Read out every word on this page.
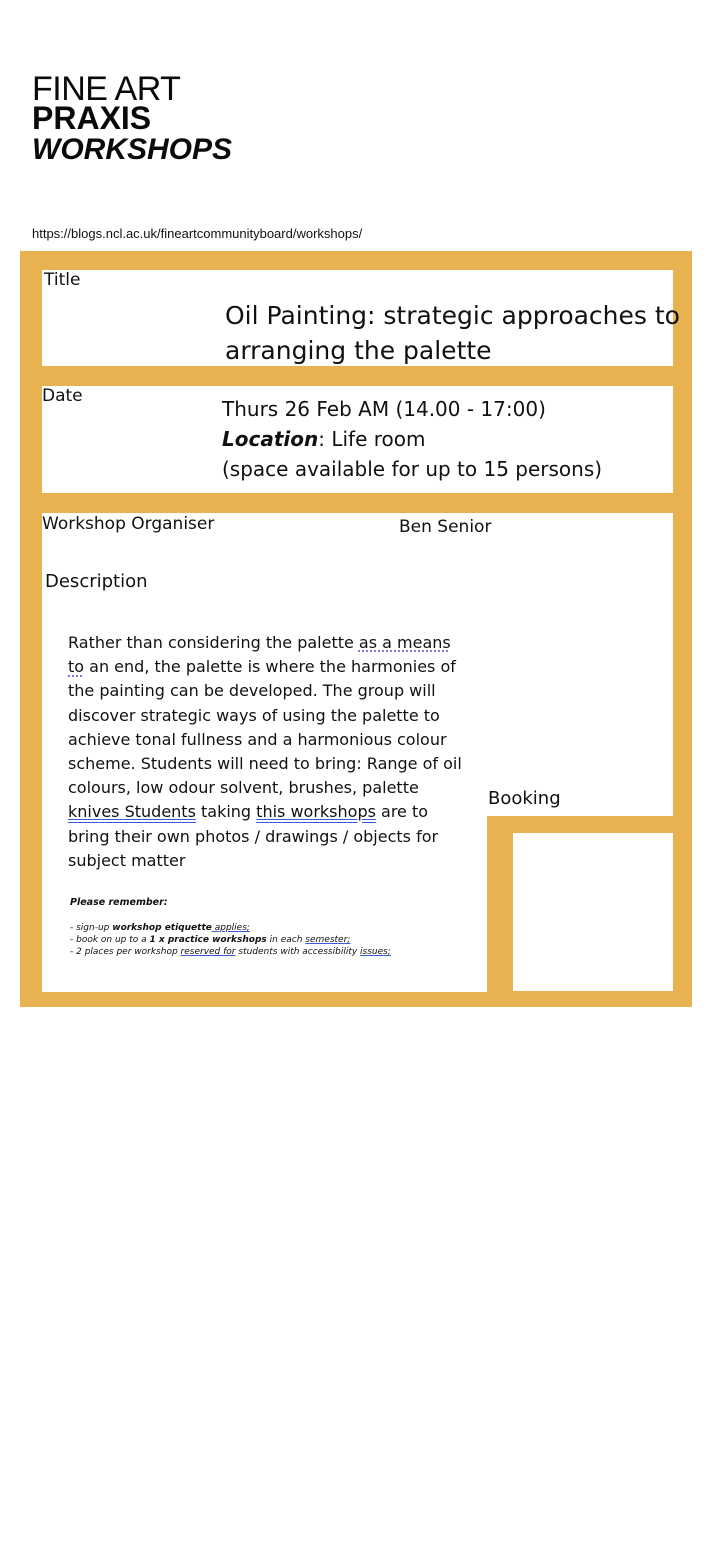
FINE ART
PRAXIS
WORKSHOPS
https://blogs.ncl.ac.uk/fineartcommunityboard/workshops/
Title
Oil Painting: strategic approaches to
arranging the palette
Date
Thurs 26 Feb AM (14.00 - 17:00)
Location: Life room
(space available for up to 15 persons)
Workshop Organiser	Ben Senior
Description
Booking
Rather than considering the palette as a means to an end, the palette is where the harmonies of the painting can be developed. The group will discover strategic ways of using the palette to achieve tonal fullness and a harmonious colour scheme. Students will need to bring: Range of oil colours, low odour solvent, brushes, palette knives Students taking this workshops are to bring their own photos / drawings / objects for subject matter
Please remember:
- sign-up workshop etiquette applies;
- book on up to a 1 x practice workshops in each semester;
- 2 places per workshop reserved for students with accessibility issues;
